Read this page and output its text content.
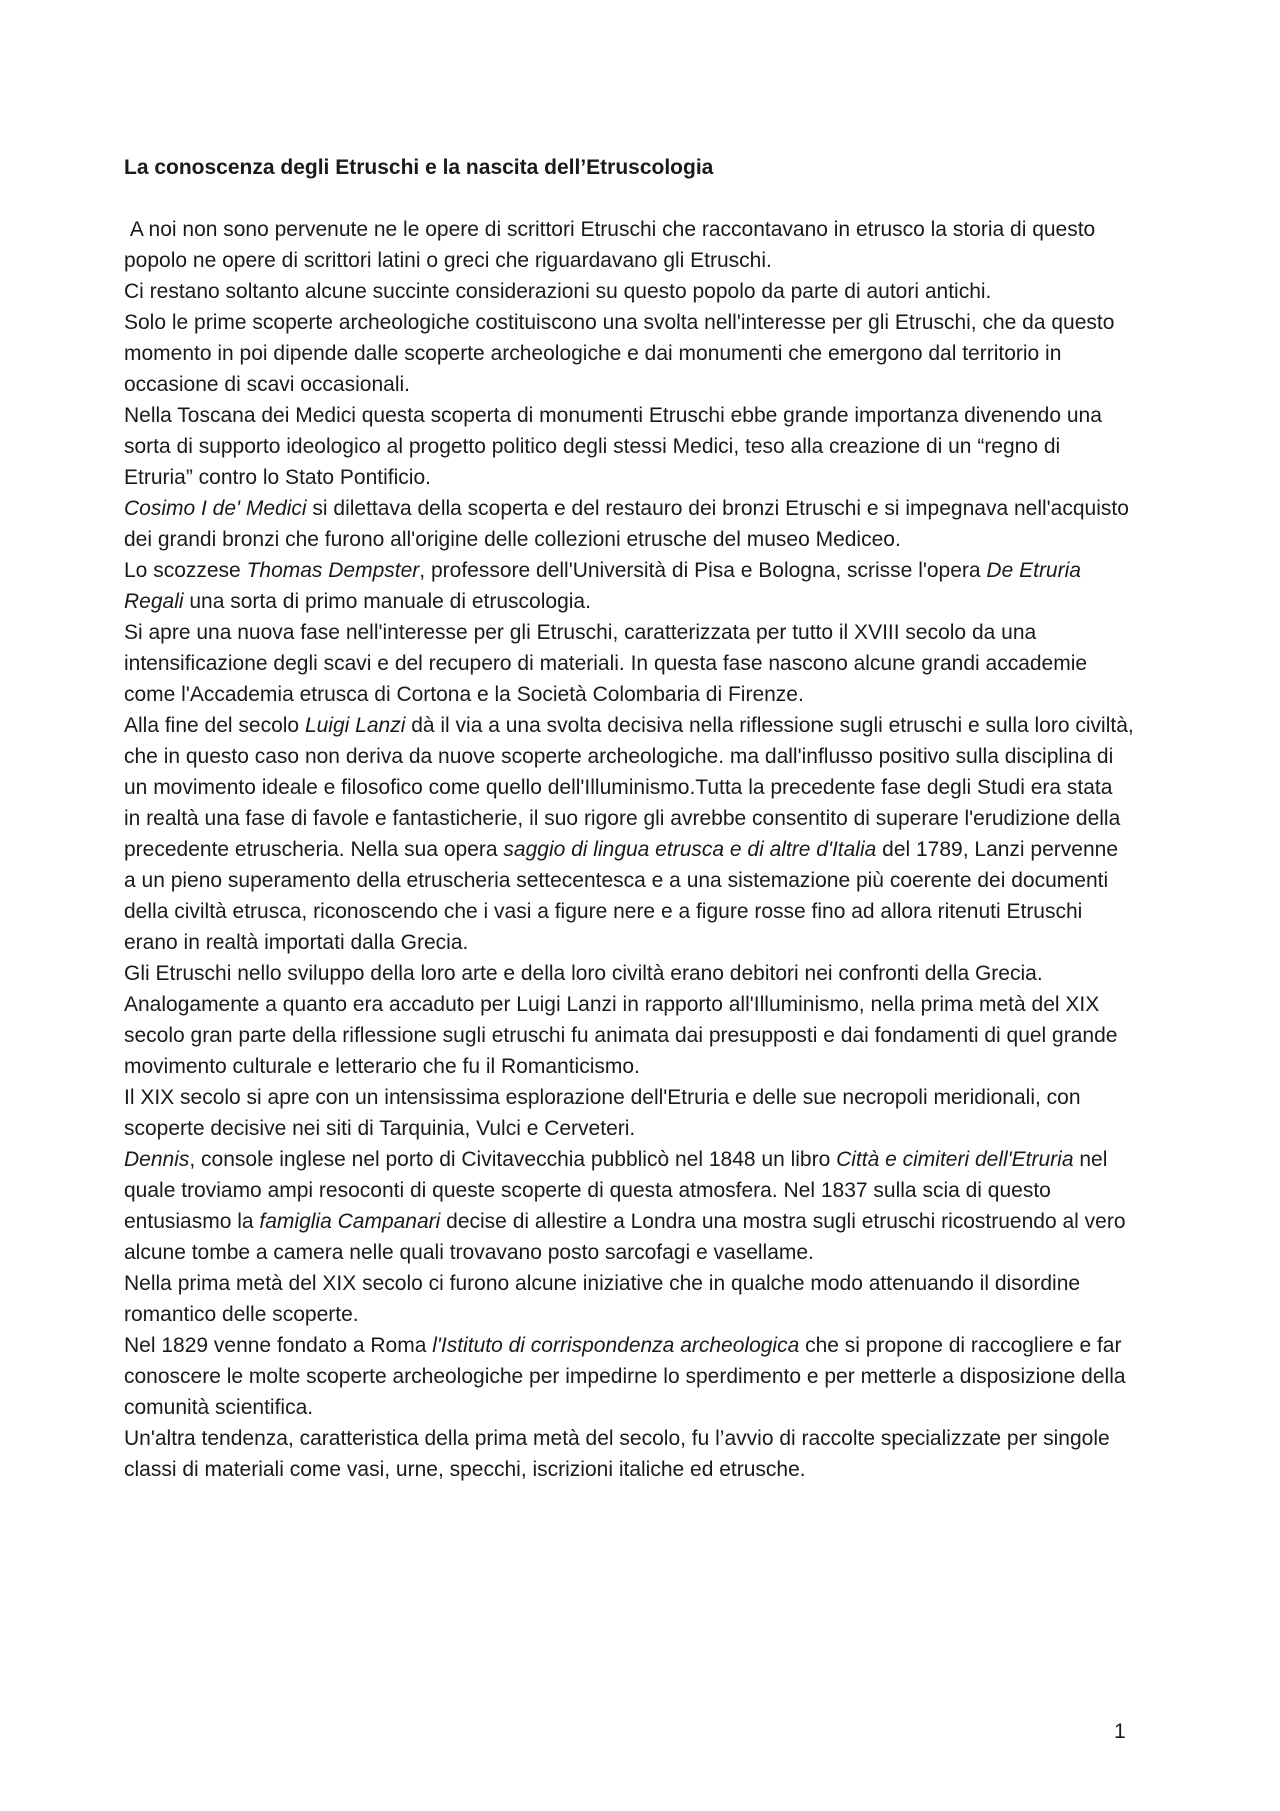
La conoscenza degli Etruschi e la nascita dell’Etruscologia

A noi non sono pervenute ne le opere di scrittori Etruschi che raccontavano in etrusco la storia di questo popolo ne opere di scrittori latini o greci che riguardavano gli Etruschi.

Ci restano soltanto alcune succinte considerazioni su questo popolo da parte di autori antichi.

Solo le prime scoperte archeologiche costituiscono una svolta nell'interesse per gli Etruschi, che da questo momento in poi dipende dalle scoperte archeologiche e dai monumenti che emergono dal territorio in occasione di scavi occasionali.

Nella Toscana dei Medici questa scoperta di monumenti Etruschi ebbe grande importanza divenendo una sorta di supporto ideologico al progetto politico degli stessi Medici, teso alla creazione di un “regno di Etruria” contro lo Stato Pontificio.

Cosimo I de' Medici si dilettava della scoperta e del restauro dei bronzi Etruschi e si impegnava nell'acquisto dei grandi bronzi che furono all'origine delle collezioni etrusche del museo Mediceo.

Lo scozzese Thomas Dempster, professore dell'Università di Pisa e Bologna, scrisse l'opera De Etruria Regali una sorta di primo manuale di etruscologia.

Si apre una nuova fase nell'interesse per gli Etruschi, caratterizzata per tutto il XVIII secolo da una intensificazione degli scavi e del recupero di materiali. In questa fase nascono alcune grandi accademie come l'Accademia etrusca di Cortona e la Società Colombaria di Firenze.

Alla fine del secolo Luigi Lanzi dà il via a una svolta decisiva nella riflessione sugli etruschi e sulla loro civiltà, che in questo caso non deriva da nuove scoperte archeologiche. ma dall'influsso positivo sulla disciplina di un movimento ideale e filosofico come quello dell'Illuminismo.Tutta la precedente fase degli Studi era stata in realtà una fase di favole e fantasticherie, il suo rigore gli avrebbe consentito di superare l'erudizione della precedente etruscheria. Nella sua opera saggio di lingua etrusca e di altre d'Italia del 1789, Lanzi pervenne a un pieno superamento della etruscheria settecentesca e a una sistemazione più coerente dei documenti della civiltà etrusca, riconoscendo che i vasi a figure nere e a figure rosse fino ad allora ritenuti Etruschi erano in realtà importati dalla Grecia.

Gli Etruschi nello sviluppo della loro arte e della loro civiltà erano debitori nei confronti della Grecia.

Analogamente a quanto era accaduto per Luigi Lanzi in rapporto all'Illuminismo, nella prima metà del XIX secolo gran parte della riflessione sugli etruschi fu animata dai presupposti e dai fondamenti di quel grande movimento culturale e letterario che fu il Romanticismo.

Il XIX secolo si apre con un intensissima esplorazione dell'Etruria e delle sue necropoli meridionali, con scoperte decisive nei siti di Tarquinia, Vulci e Cerveteri.

Dennis, console inglese nel porto di Civitavecchia pubblicò nel 1848 un libro Città e cimiteri dell'Etruria nel quale troviamo ampi resoconti di queste scoperte di questa atmosfera. Nel 1837 sulla scia di questo entusiasmo la famiglia Campanari decise di allestire a Londra una mostra sugli etruschi ricostruendo al vero alcune tombe a camera nelle quali trovavano posto sarcofagi e vasellame.

Nella prima metà del XIX secolo ci furono alcune iniziative che in qualche modo attenuando il disordine romantico delle scoperte.

Nel 1829 venne fondato a Roma l'Istituto di corrispondenza archeologica che si propone di raccogliere e far conoscere le molte scoperte archeologiche per impedirne lo sperdimento e per metterle a disposizione della comunità scientifica.

Un'altra tendenza, caratteristica della prima metà del secolo, fu l’avvio di raccolte specializzate per singole classi di materiali come vasi, urne, specchi, iscrizioni italiche ed etrusche.

1
